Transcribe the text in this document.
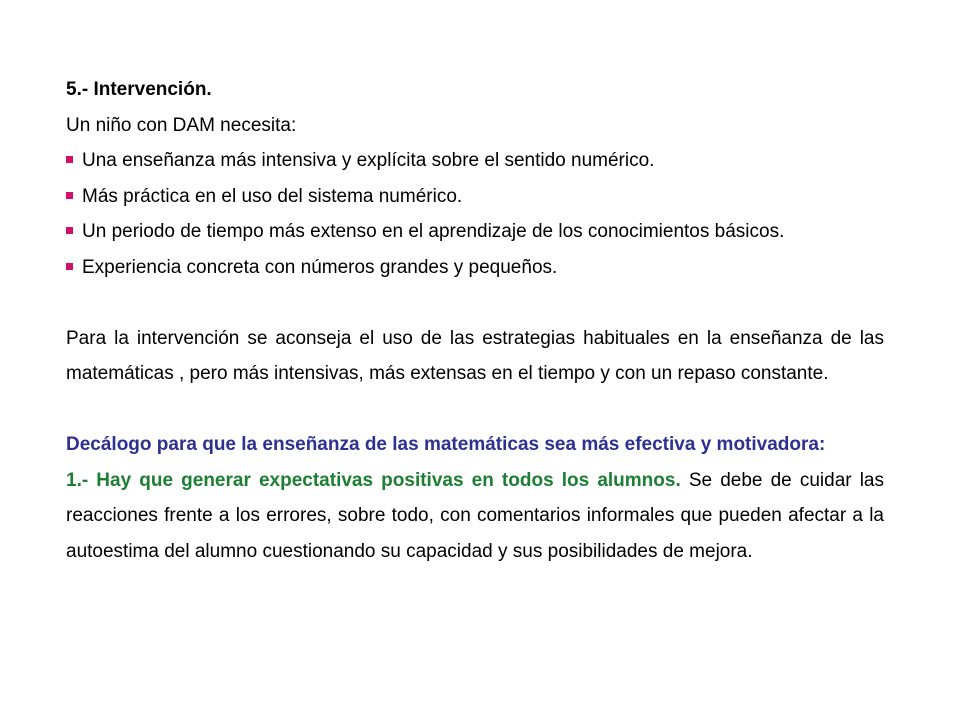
5.- Intervención.
Un niño con DAM necesita:
Una enseñanza más intensiva y explícita sobre el sentido numérico.
Más práctica en el uso del sistema numérico.
Un periodo de tiempo más extenso en el aprendizaje de los conocimientos básicos.
Experiencia concreta con números grandes y pequeños.
Para la intervención se aconseja el uso de las estrategias habituales en la enseñanza de las matemáticas , pero más intensivas, más extensas en el tiempo y con un repaso constante.
Decálogo para que la enseñanza de las matemáticas sea más efectiva y motivadora:
1.- Hay que generar expectativas positivas en todos los alumnos. Se debe de cuidar las reacciones frente a los errores, sobre todo, con comentarios informales que pueden afectar a la autoestima del alumno cuestionando su capacidad y sus posibilidades de mejora.
